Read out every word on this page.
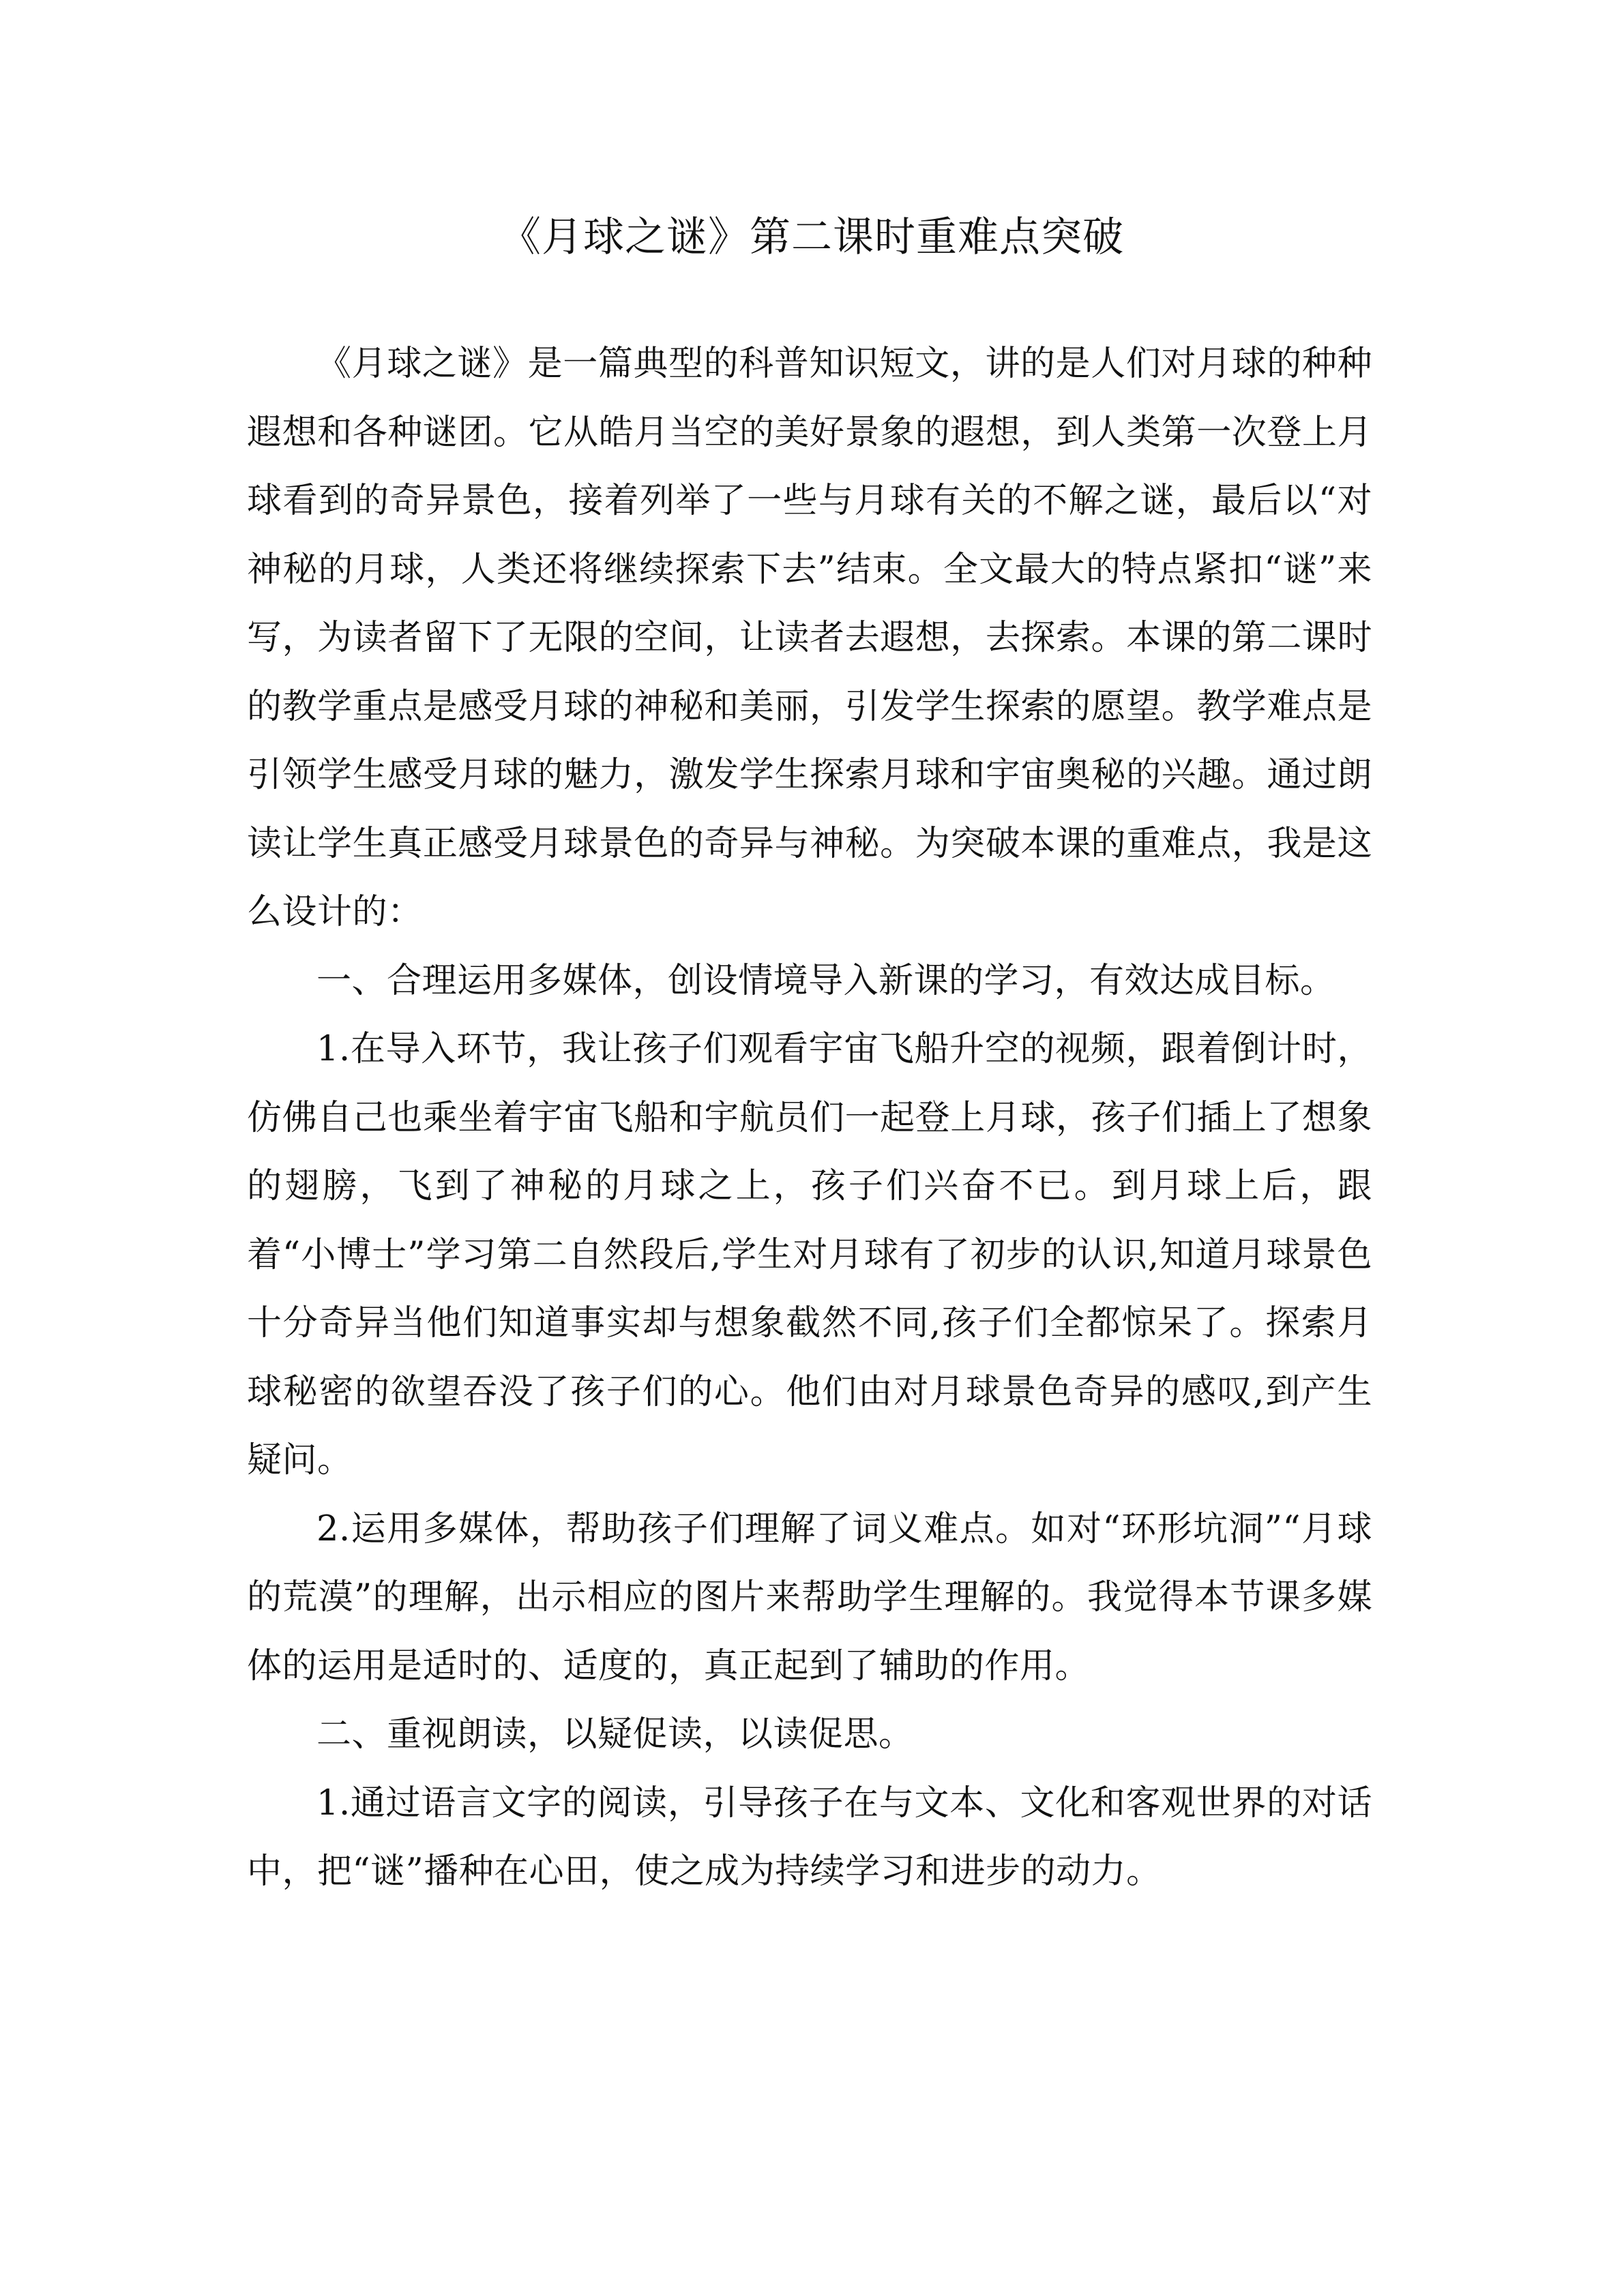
《月球之谜》第二课时重难点突破

《月球之谜》是一篇典型的科普知识短文，讲的是人们对月球的种种遐想和各种谜团。它从皓月当空的美好景象的遐想，到人类第一次登上月球看到的奇异景色，接着列举了一些与月球有关的不解之谜，最后以“对神秘的月球，人类还将继续探索下去”结束。全文最大的特点紧扣“谜”来写，为读者留下了无限的空间，让读者去遐想，去探索。本课的第二课时的教学重点是感受月球的神秘和美丽，引发学生探索的愿望。教学难点是引领学生感受月球的魅力，激发学生探索月球和宇宙奥秘的兴趣。通过朗读让学生真正感受月球景色的奇异与神秘。为突破本课的重难点，我是这么设计的：

一、合理运用多媒体，创设情境导入新课的学习，有效达成目标。

1.在导入环节，我让孩子们观看宇宙飞船升空的视频，跟着倒计时，仿佛自己也乘坐着宇宙飞船和宇航员们一起登上月球，孩子们插上了想象的翅膀，飞到了神秘的月球之上，孩子们兴奋不已。到月球上后，跟着“小博士”学习第二自然段后,学生对月球有了初步的认识,知道月球景色十分奇异当他们知道事实却与想象截然不同,孩子们全都惊呆了。探索月球秘密的欲望吞没了孩子们的心。他们由对月球景色奇异的感叹,到产生疑问。

2.运用多媒体，帮助孩子们理解了词义难点。如对“环形坑洞”“月球的荒漠”的理解，出示相应的图片来帮助学生理解的。我觉得本节课多媒体的运用是适时的、适度的，真正起到了辅助的作用。

二、重视朗读，以疑促读，以读促思。

1.通过语言文字的阅读，引导孩子在与文本、文化和客观世界的对话中，把“谜”播种在心田，使之成为持续学习和进步的动力。
